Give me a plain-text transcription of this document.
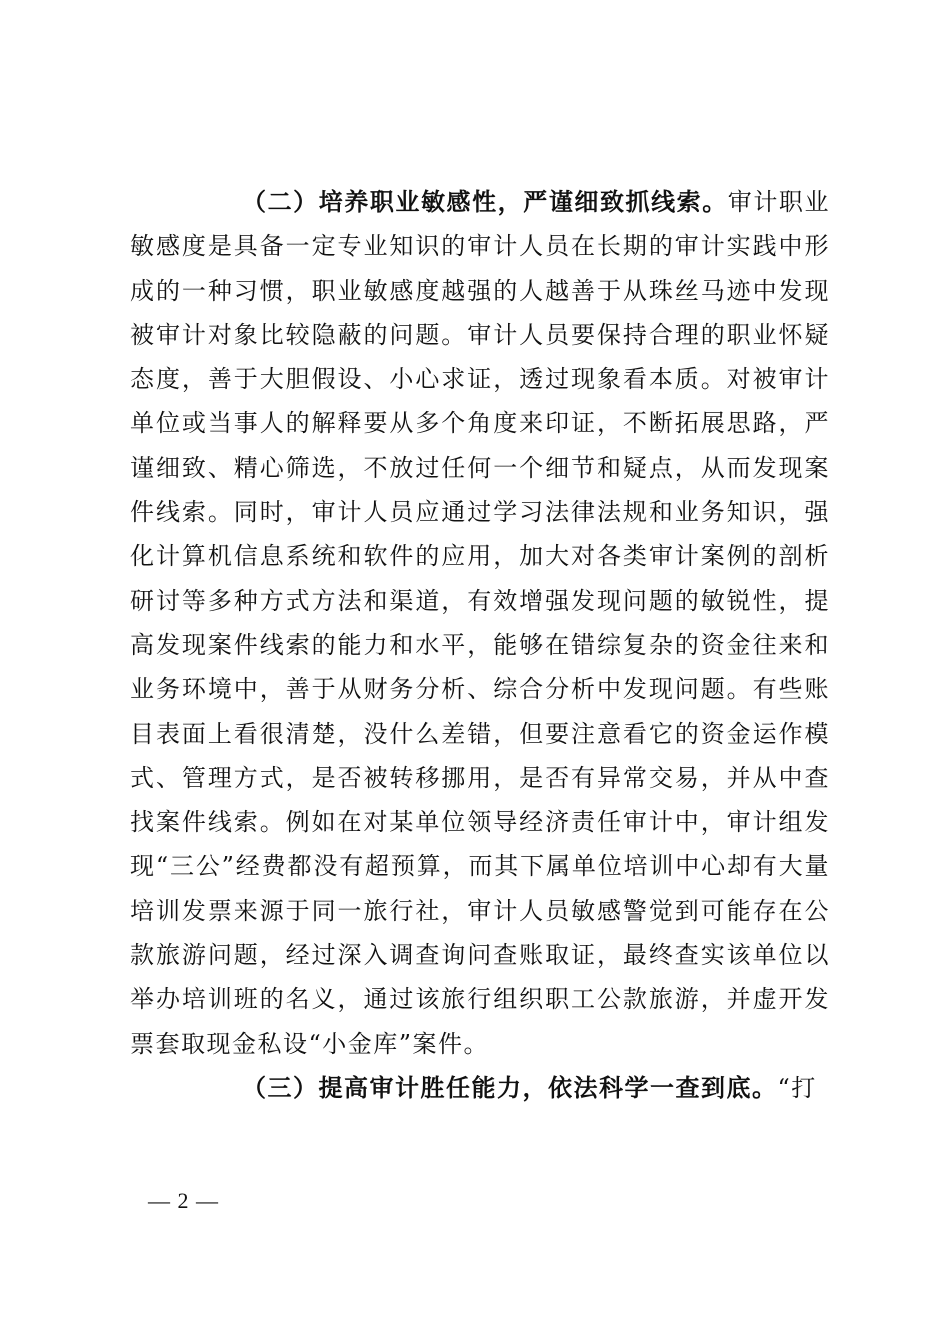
（二）培养职业敏感性，严谨细致抓线索。审计职业敏感度是具备一定专业知识的审计人员在长期的审计实践中形成的一种习惯，职业敏感度越强的人越善于从珠丝马迹中发现被审计对象比较隐蔽的问题。审计人员要保持合理的职业怀疑态度，善于大胆假设、小心求证，透过现象看本质。对被审计单位或当事人的解释要从多个角度来印证，不断拓展思路，严谨细致、精心筛选，不放过任何一个细节和疑点，从而发现案件线索。同时，审计人员应通过学习法律法规和业务知识，强化计算机信息系统和软件的应用，加大对各类审计案例的剖析研讨等多种方式方法和渠道，有效增强发现问题的敏锐性，提高发现案件线索的能力和水平，能够在错综复杂的资金往来和业务环境中，善于从财务分析、综合分析中发现问题。有些账目表面上看很清楚，没什么差错，但要注意看它的资金运作模式、管理方式，是否被转移挪用，是否有异常交易，并从中查找案件线索。例如在对某单位领导经济责任审计中，审计组发现“三公”经费都没有超预算，而其下属单位培训中心却有大量培训发票来源于同一旅行社，审计人员敏感警觉到可能存在公款旅游问题，经过深入调查询问查账取证，最终查实该单位以举办培训班的名义，通过该旅行组织职工公款旅游，并虚开发票套取现金私设“小金库”案件。

（三）提高审计胜任能力，依法科学一查到底。“打

— 2 —
